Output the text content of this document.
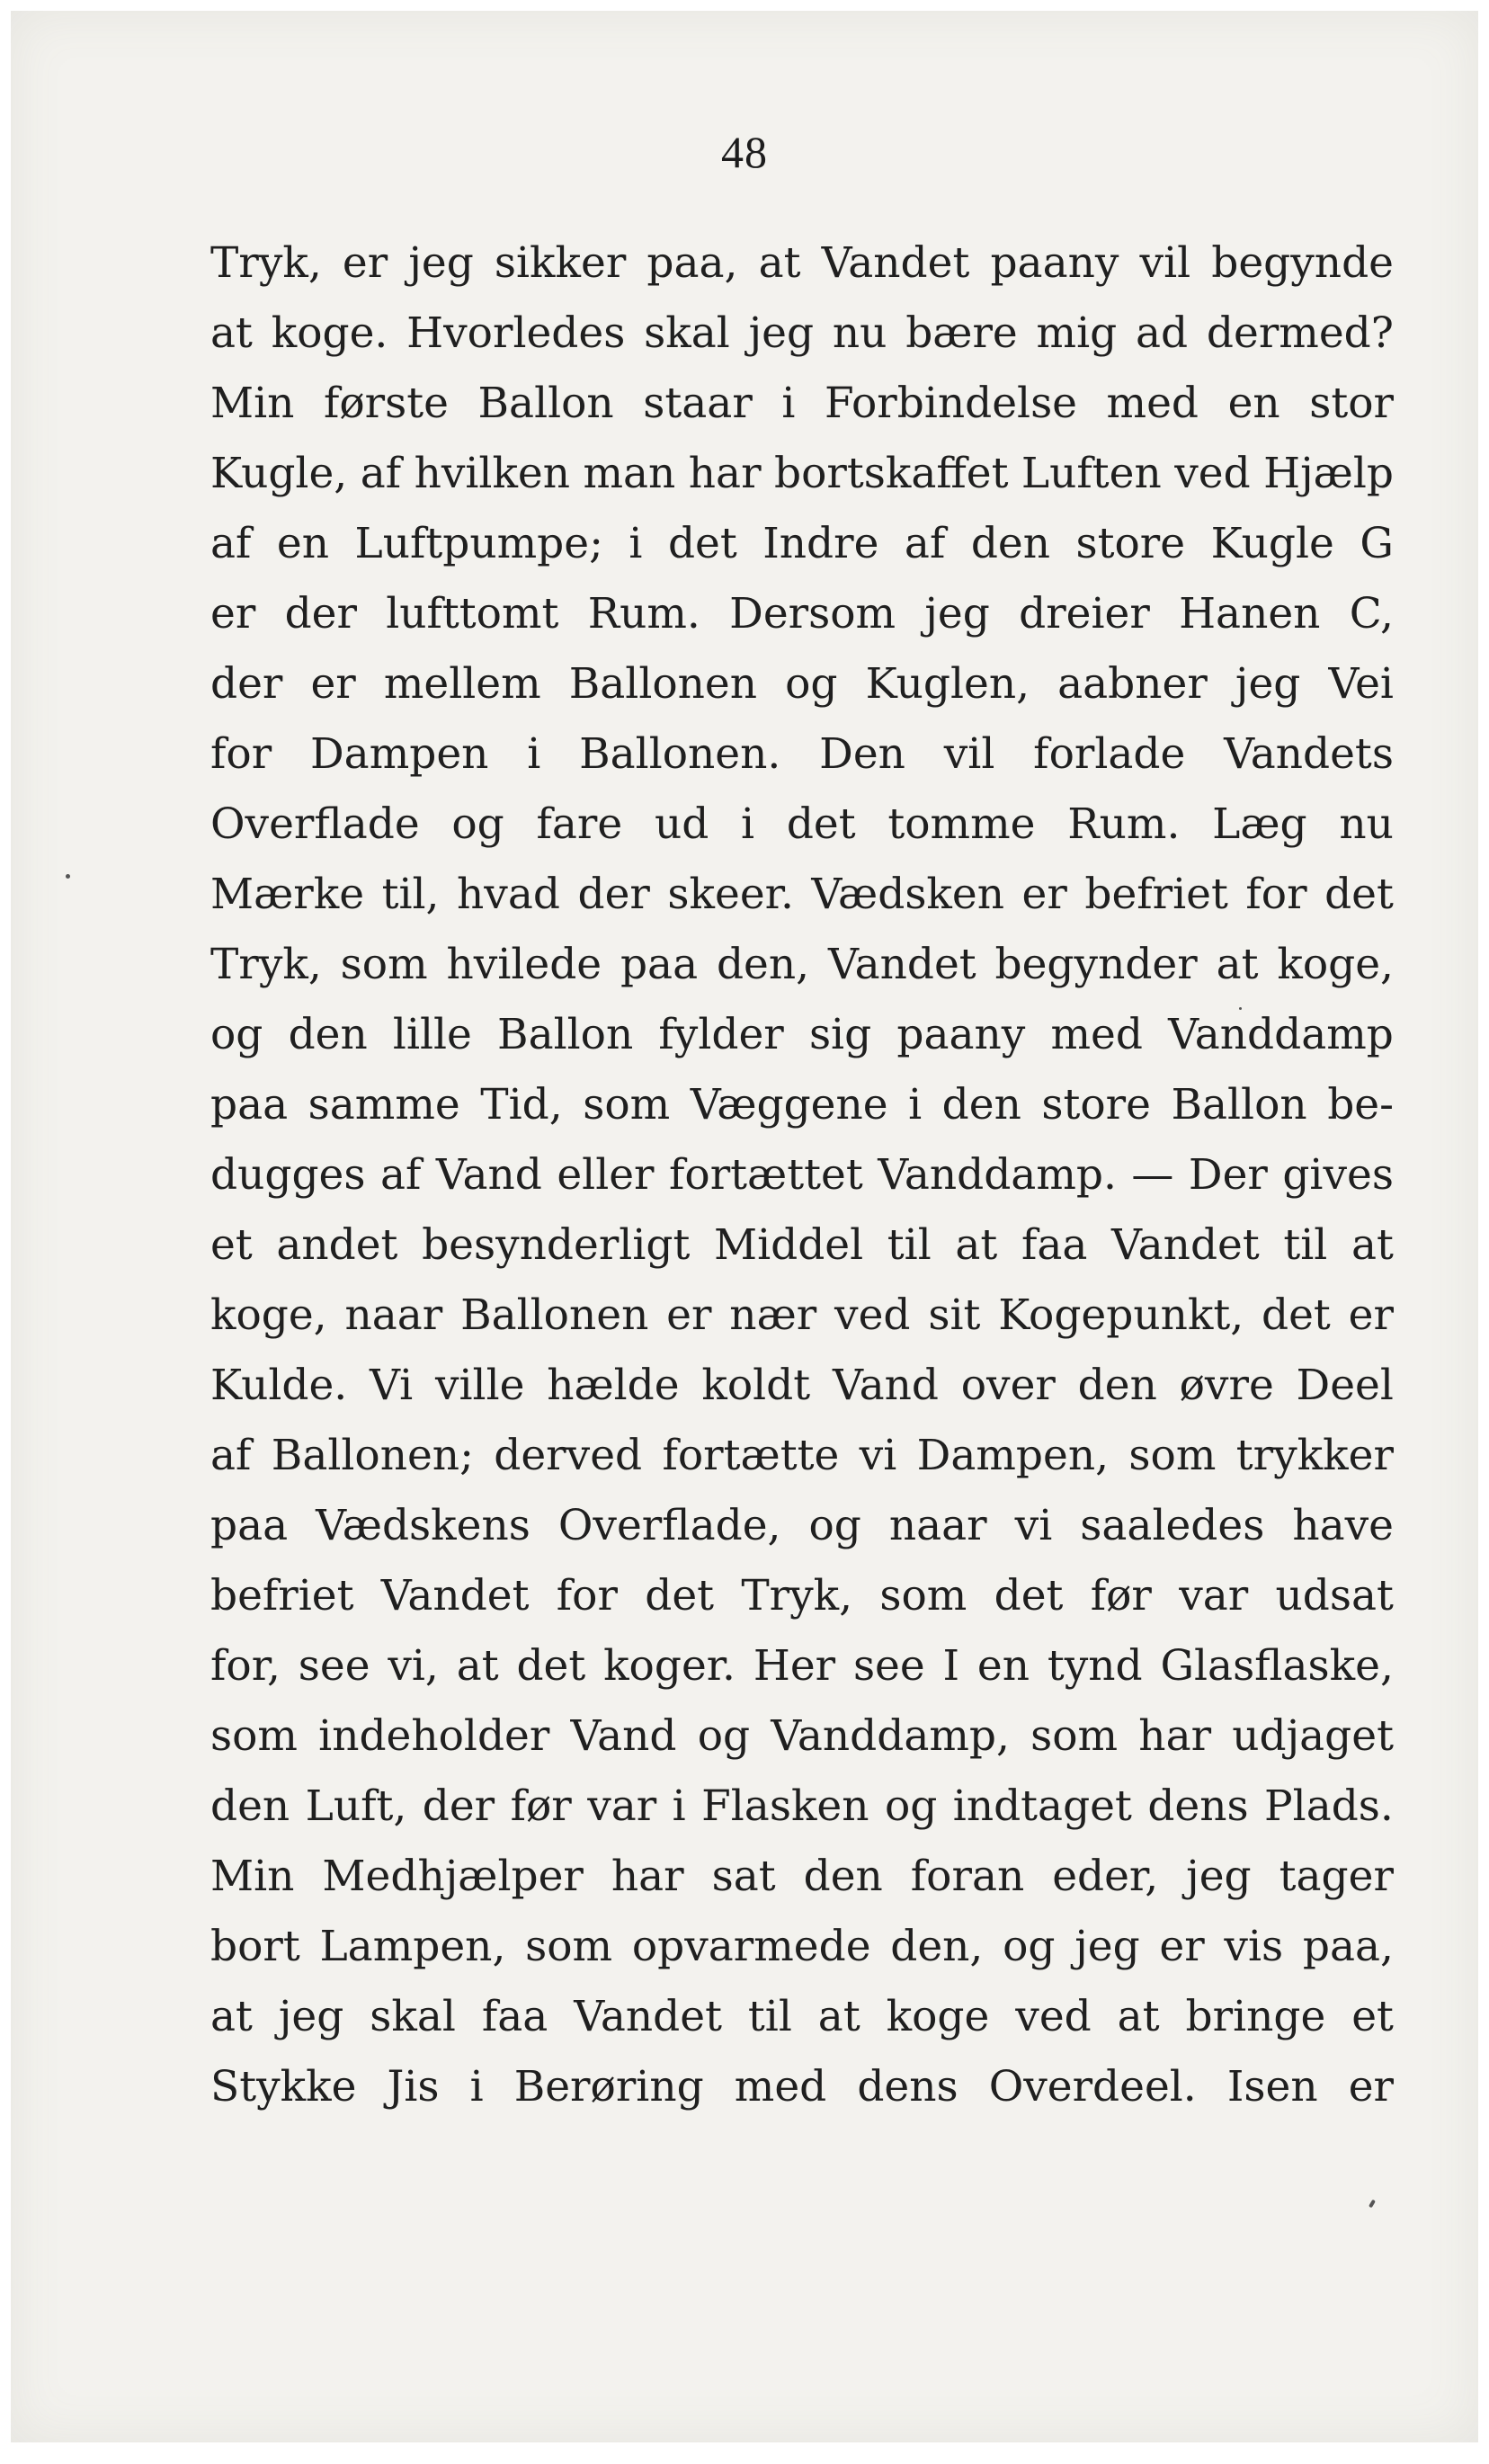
48
Tryk, er jeg sikker paa, at Vandet paany vil begynde
at koge. Hvorledes skal jeg nu bære mig ad dermed?
Min første Ballon staar i Forbindelse med en stor
Kugle, af hvilken man har bortskaffet Luften ved Hjælp
af en Luftpumpe; i det Indre af den store Kugle G
er der lufttomt Rum. Dersom jeg dreier Hanen C,
der er mellem Ballonen og Kuglen, aabner jeg Vei
for Dampen i Ballonen. Den vil forlade Vandets
Overflade og fare ud i det tomme Rum. Læg nu
Mærke til, hvad der skeer. Vædsken er befriet for det
Tryk, som hvilede paa den, Vandet begynder at koge,
og den lille Ballon fylder sig paany med Vanddamp
paa samme Tid, som Væggene i den store Ballon be-
dugges af Vand eller fortættet Vanddamp. — Der gives
et andet besynderligt Middel til at faa Vandet til at
koge, naar Ballonen er nær ved sit Kogepunkt, det er
Kulde. Vi ville hælde koldt Vand over den øvre Deel
af Ballonen; derved fortætte vi Dampen, som trykker
paa Vædskens Overflade, og naar vi saaledes have
befriet Vandet for det Tryk, som det før var udsat
for, see vi, at det koger. Her see I en tynd Glasflaske,
som indeholder Vand og Vanddamp, som har udjaget
den Luft, der før var i Flasken og indtaget dens Plads.
Min Medhjælper har sat den foran eder, jeg tager
bort Lampen, som opvarmede den, og jeg er vis paa,
at jeg skal faa Vandet til at koge ved at bringe et
Stykke Jis i Berøring med dens Overdeel. Isen er
